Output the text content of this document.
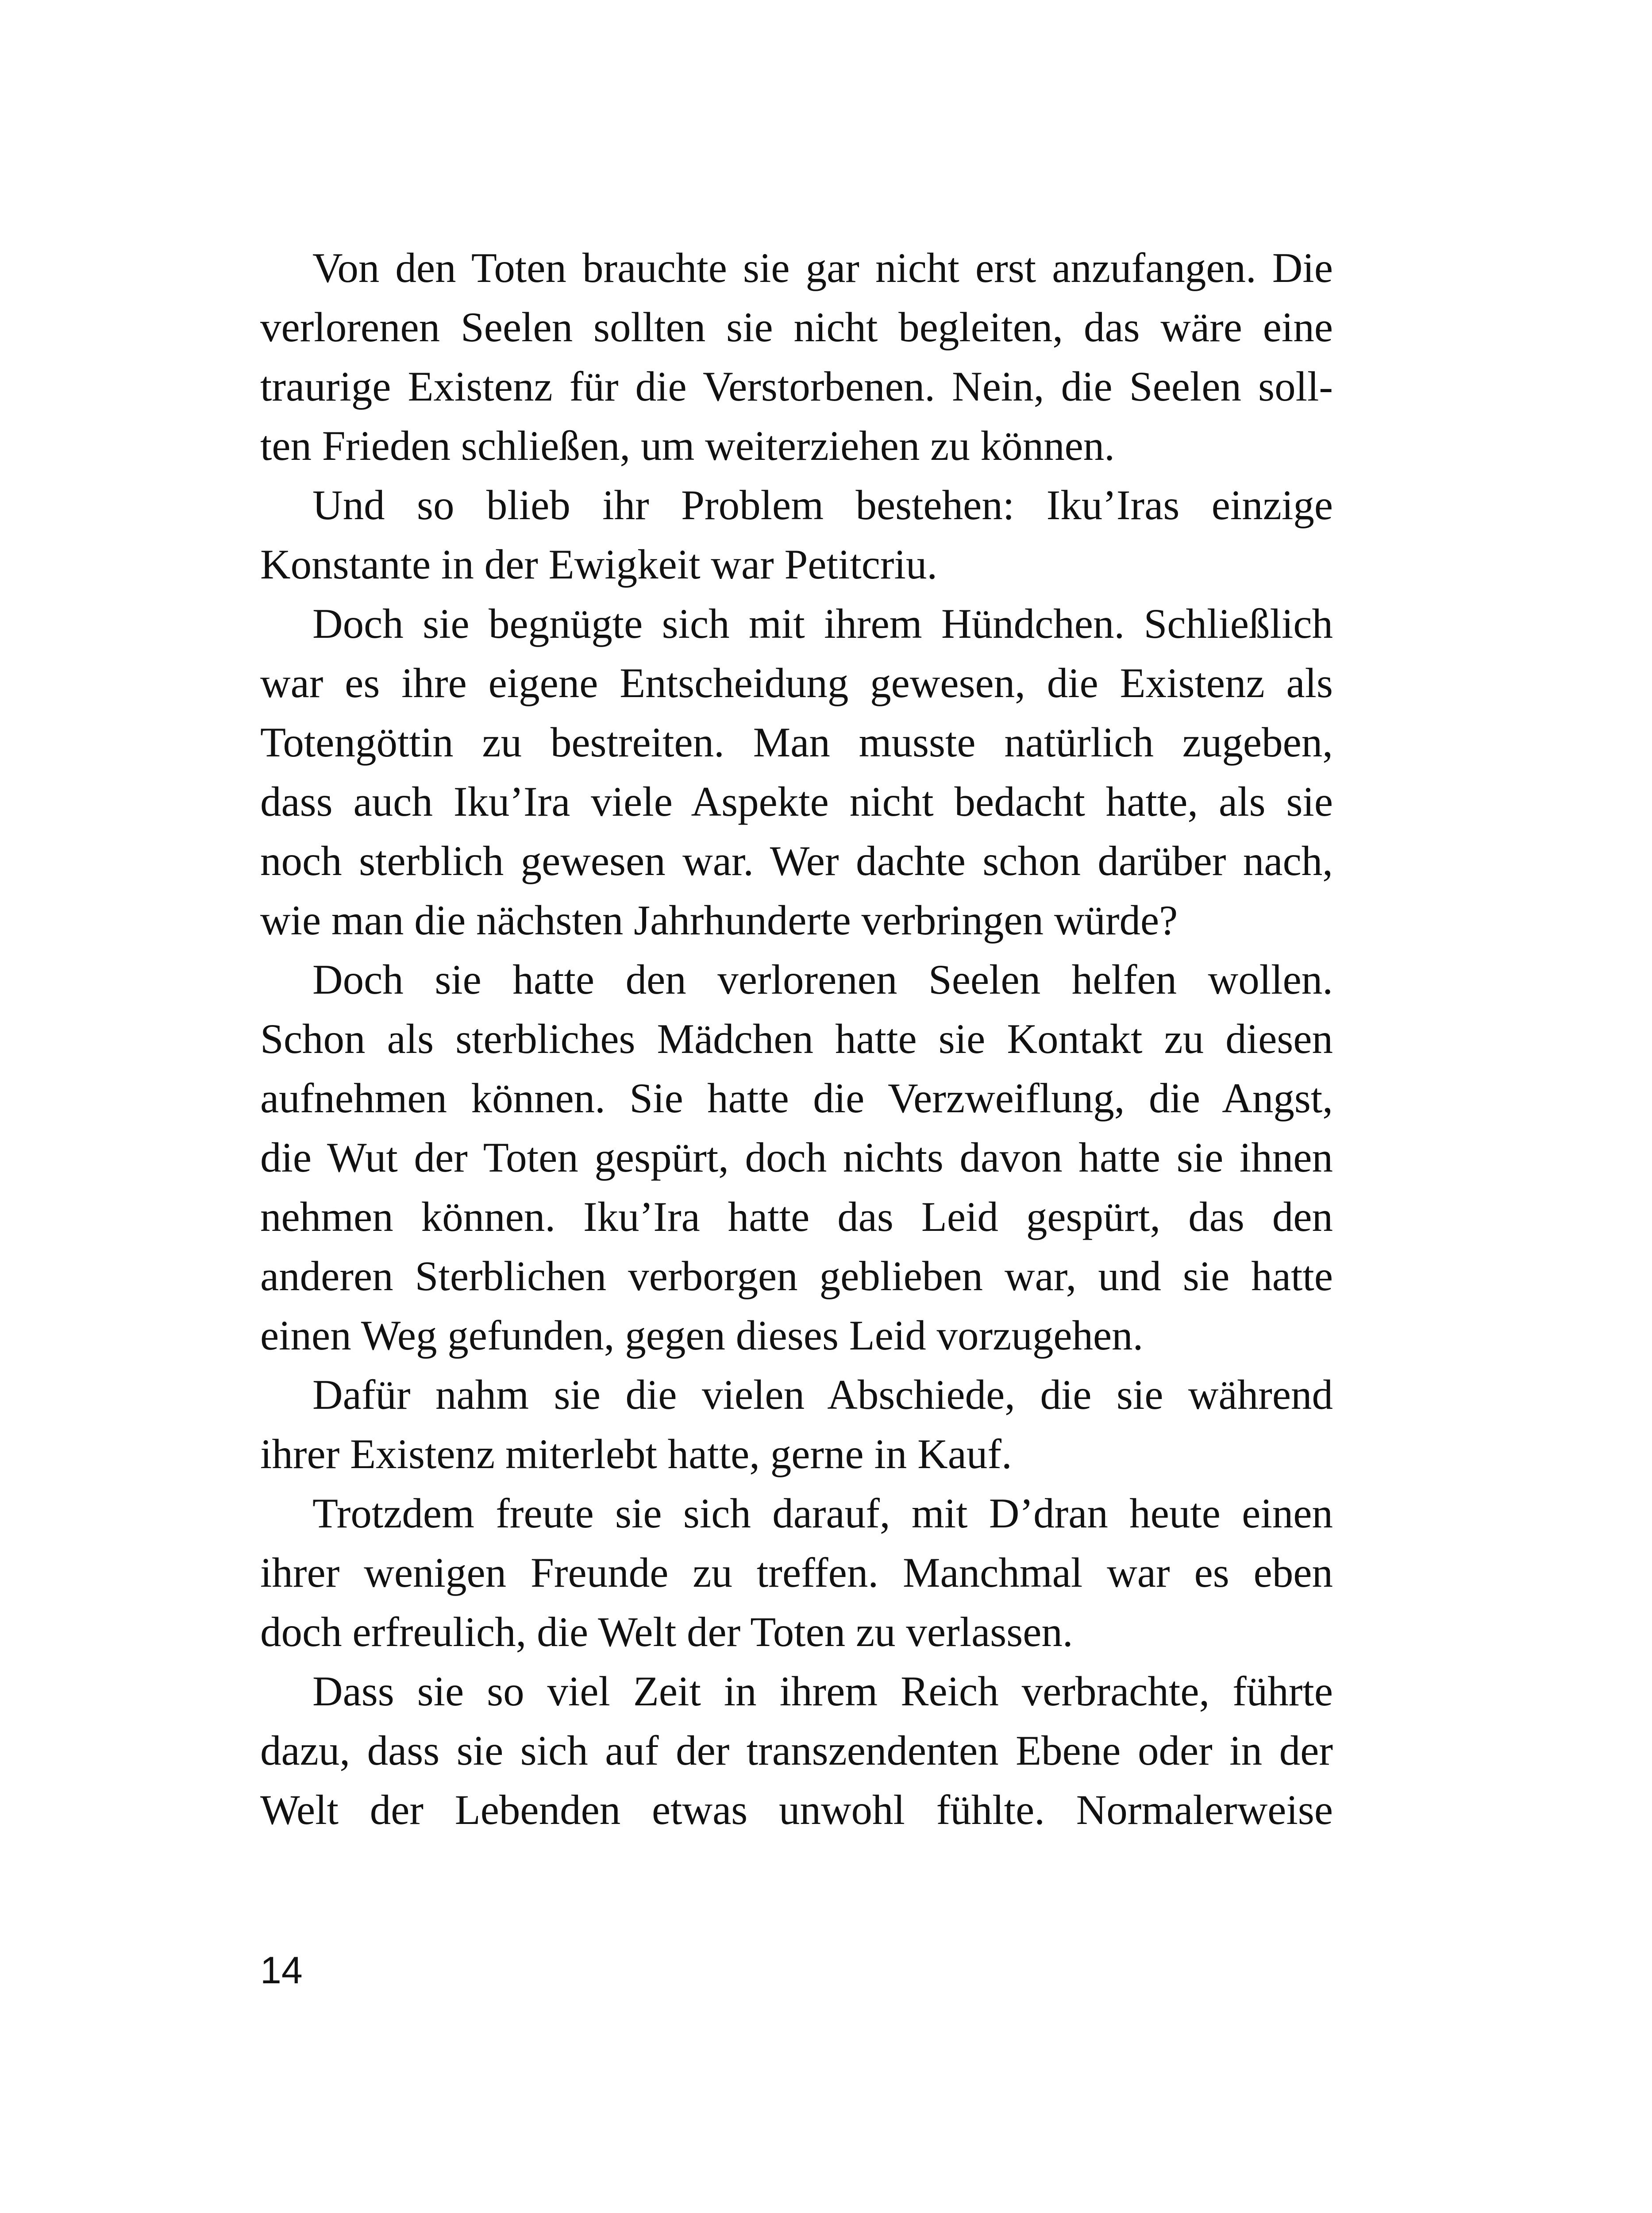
Von den Toten brauchte sie gar nicht erst anzufangen. Die
verlorenen Seelen sollten sie nicht begleiten, das wäre eine
traurige Existenz für die Verstorbenen. Nein, die Seelen soll-
ten Frieden schließen, um weiterziehen zu können.

Und so blieb ihr Problem bestehen: Iku’Iras einzige
Konstante in der Ewigkeit war Petitcriu.

Doch sie begnügte sich mit ihrem Hündchen. Schließlich
war es ihre eigene Entscheidung gewesen, die Existenz als
Totengöttin zu bestreiten. Man musste natürlich zugeben,
dass auch Iku’Ira viele Aspekte nicht bedacht hatte, als sie
noch sterblich gewesen war. Wer dachte schon darüber nach,
wie man die nächsten Jahrhunderte verbringen würde?

Doch sie hatte den verlorenen Seelen helfen wollen.
Schon als sterbliches Mädchen hatte sie Kontakt zu diesen
aufnehmen können. Sie hatte die Verzweiflung, die Angst,
die Wut der Toten gespürt, doch nichts davon hatte sie ihnen
nehmen können. Iku’Ira hatte das Leid gespürt, das den
anderen Sterblichen verborgen geblieben war, und sie hatte
einen Weg gefunden, gegen dieses Leid vorzugehen.

Dafür nahm sie die vielen Abschiede, die sie während
ihrer Existenz miterlebt hatte, gerne in Kauf.

Trotzdem freute sie sich darauf, mit D’dran heute einen
ihrer wenigen Freunde zu treffen. Manchmal war es eben
doch erfreulich, die Welt der Toten zu verlassen.

Dass sie so viel Zeit in ihrem Reich verbrachte, führte
dazu, dass sie sich auf der transzendenten Ebene oder in der
Welt der Lebenden etwas unwohl fühlte. Normalerweise

14
